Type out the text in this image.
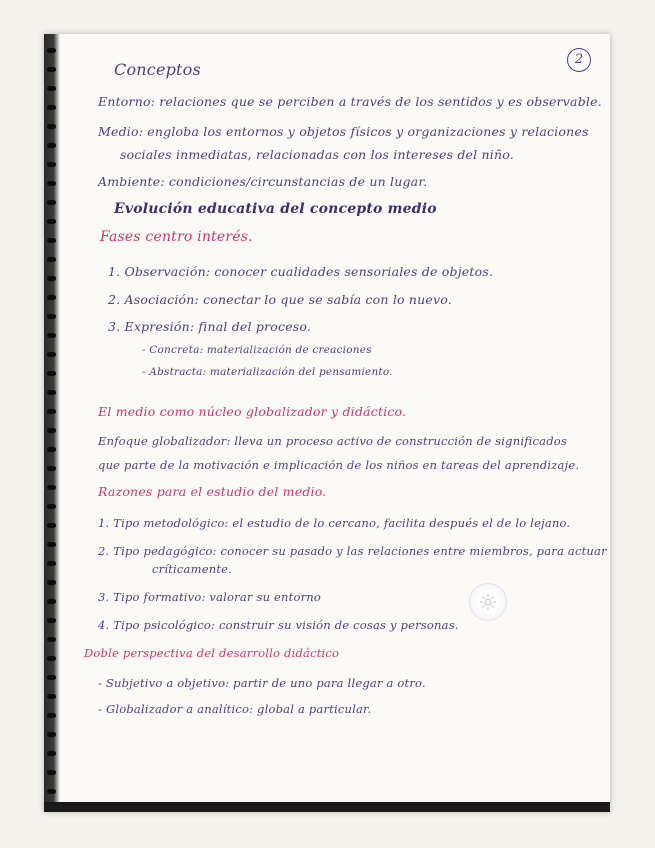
2
Conceptos
Entorno: relaciones que se perciben a través de los sentidos y es observable.
Medio: engloba los entornos y objetos físicos y organizaciones y relaciones
sociales inmediatas, relacionadas con los intereses del niño.
Ambiente: condiciones/circunstancias de un lugar.
Evolución educativa del concepto medio
Fases centro interés.
1. Observación: conocer cualidades sensoriales de objetos.
2. Asociación: conectar lo que se sabía con lo nuevo.
3. Expresión: final del proceso.
- Concreta: materialización de creaciones
- Abstracta: materialización del pensamiento.
El medio como núcleo globalizador y didáctico.
Enfoque globalizador: lleva un proceso activo de construcción de significados
que parte de la motivación e implicación de los niños en tareas del aprendizaje.
Razones para el estudio del medio.
1. Tipo metodológico: el estudio de lo cercano, facilita después el de lo lejano.
2. Tipo pedagógico: conocer su pasado y las relaciones entre miembros, para actuar
críticamente.
3. Tipo formativo: valorar su entorno
4. Tipo psicológico: construir su visión de cosas y personas.
Doble perspectiva del desarrollo didáctico
- Subjetivo a objetivo: partir de uno para llegar a otro.
- Globalizador a analítico: global a particular.
